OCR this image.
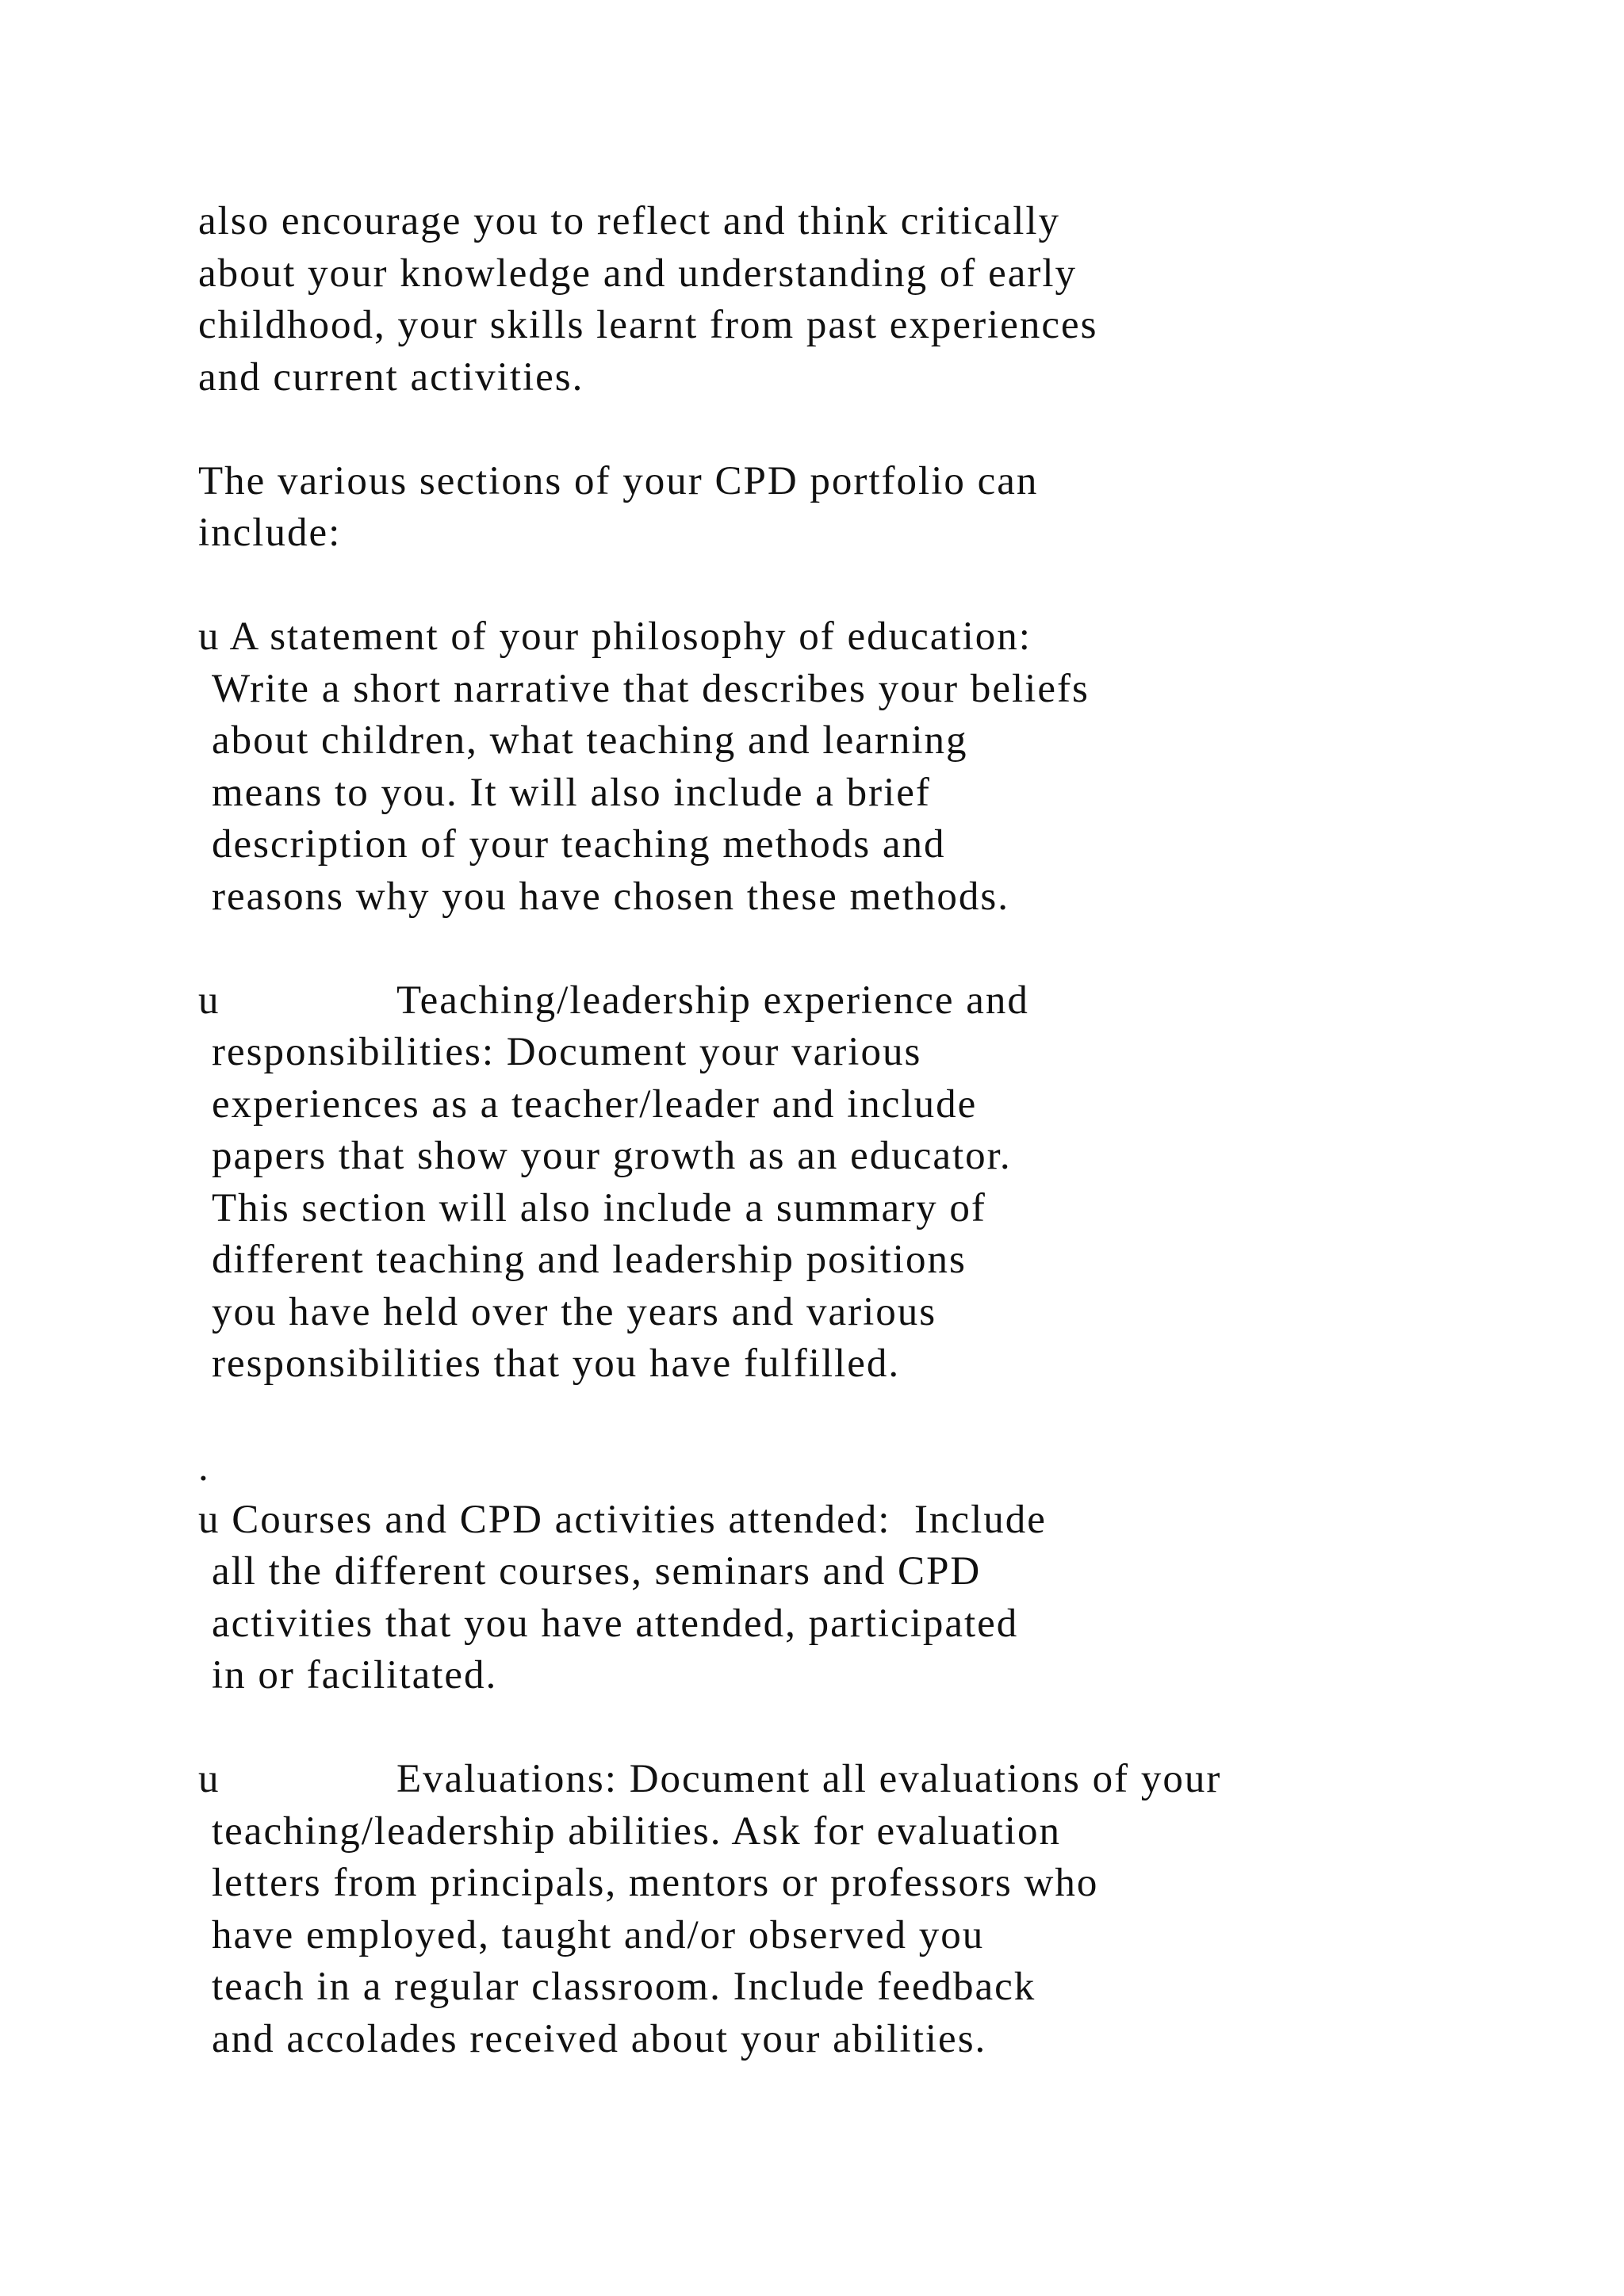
also encourage you to reflect and think critically
about your knowledge and understanding of early
childhood, your skills learnt from past experiences
and current activities.
The various sections of your CPD portfolio can
include:
u A statement of your philosophy of education:
Write a short narrative that describes your beliefs
about children, what teaching and learning
means to you. It will also include a brief
description of your teaching methods and
reasons why you have chosen these methods.
u	Teaching/leadership experience and
responsibilities: Document your various
experiences as a teacher/leader and include
papers that show your growth as an educator.
This section will also include a summary of
different teaching and leadership positions
you have held over the years and various
responsibilities that you have fulfilled.
.
u Courses and CPD activities attended:  Include
all the different courses, seminars and CPD
activities that you have attended, participated
in or facilitated.
u	Evaluations: Document all evaluations of your
teaching/leadership abilities. Ask for evaluation
letters from principals, mentors or professors who
have employed, taught and/or observed you
teach in a regular classroom. Include feedback
and accolades received about your abilities.
